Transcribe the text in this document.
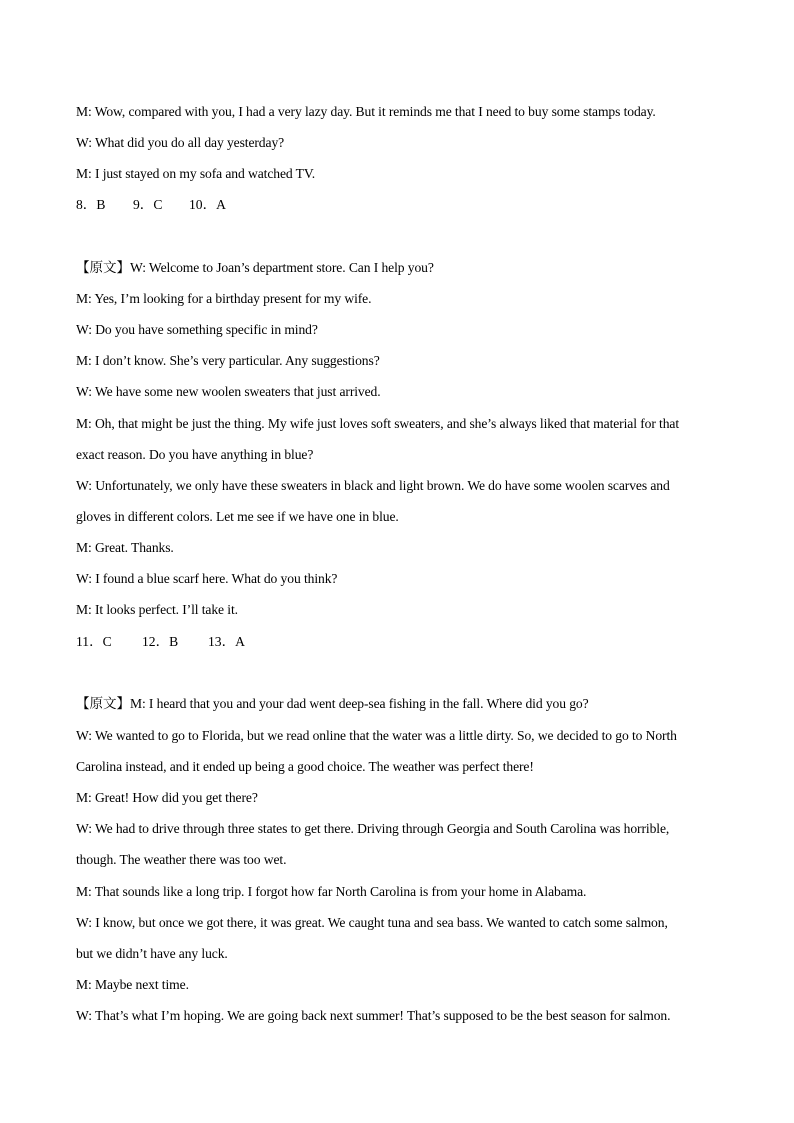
M: Wow, compared with you, I had a very lazy day. But it reminds me that I need to buy some stamps today.
W: What did you do all day yesterday?
M: I just stayed on my sofa and watched TV.
8．B 9．C 10．A
【原文】W: Welcome to Joan’s department store. Can I help you?
M: Yes, I’m looking for a birthday present for my wife.
W: Do you have something specific in mind?
M: I don’t know. She’s very particular. Any suggestions?
W: We have some new woolen sweaters that just arrived.
M: Oh, that might be just the thing. My wife just loves soft sweaters, and she’s always liked that material for that
exact reason. Do you have anything in blue?
W: Unfortunately, we only have these sweaters in black and light brown. We do have some woolen scarves and
gloves in different colors. Let me see if we have one in blue.
M: Great. Thanks.
W: I found a blue scarf here. What do you think?
M: It looks perfect. I’ll take it.
11．C 12．B 13．A
【原文】M: I heard that you and your dad went deep-sea fishing in the fall. Where did you go?
W: We wanted to go to Florida, but we read online that the water was a little dirty. So, we decided to go to North
Carolina instead, and it ended up being a good choice. The weather was perfect there!
M: Great! How did you get there?
W: We had to drive through three states to get there. Driving through Georgia and South Carolina was horrible,
though. The weather there was too wet.
M: That sounds like a long trip. I forgot how far North Carolina is from your home in Alabama.
W: I know, but once we got there, it was great. We caught tuna and sea bass. We wanted to catch some salmon,
but we didn’t have any luck.
M: Maybe next time.
W: That’s what I’m hoping. We are going back next summer! That’s supposed to be the best season for salmon.
